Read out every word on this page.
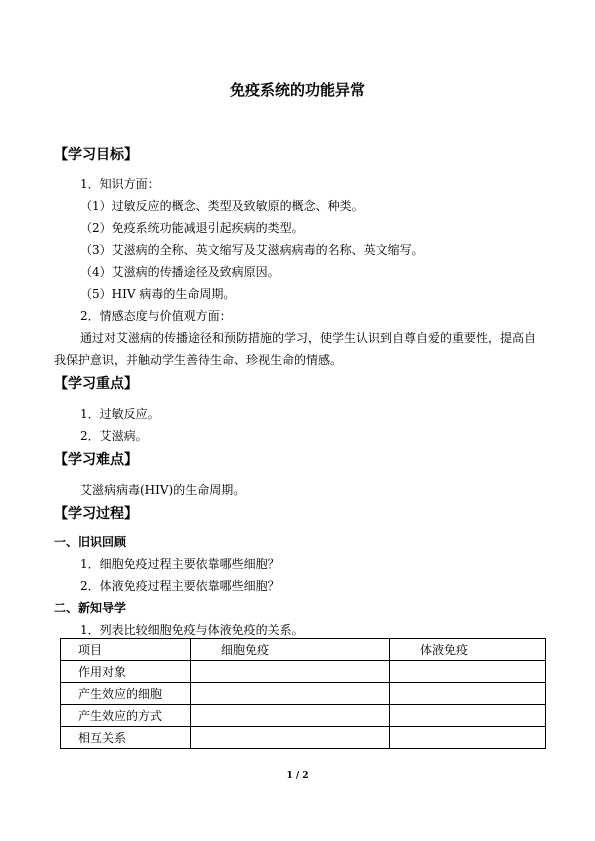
免疫系统的功能异常
【学习目标】
1．知识方面：
（1）过敏反应的概念、类型及致敏原的概念、种类。
（2）免疫系统功能减退引起疾病的类型。
（3）艾滋病的全称、英文缩写及艾滋病病毒的名称、英文缩写。
（4）艾滋病的传播途径及致病原因。
（5）HIV 病毒的生命周期。
2．情感态度与价值观方面：
通过对艾滋病的传播途径和预防措施的学习，使学生认识到自尊自爱的重要性，提高自
我保护意识，并触动学生善待生命、珍视生命的情感。
【学习重点】
1．过敏反应。
2．艾滋病。
【学习难点】
艾滋病病毒(HIV)的生命周期。
【学习过程】
一、旧识回顾
1．细胞免疫过程主要依靠哪些细胞？
2．体液免疫过程主要依靠哪些细胞？
二、新知导学
1．列表比较细胞免疫与体液免疫的关系。
项目	细胞免疫	体液免疫
作用对象		
产生效应的细胞		
产生效应的方式		
相互关系		
1 / 2
